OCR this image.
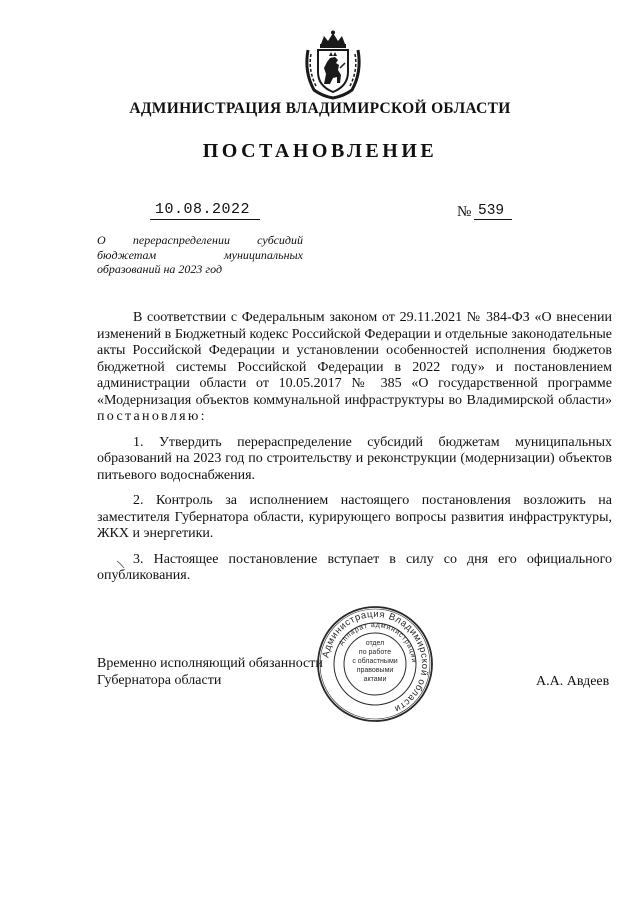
АДМИНИСТРАЦИЯ ВЛАДИМИРСКОЙ ОБЛАСТИ
ПОСТАНОВЛЕНИЕ
10.08.2022	№ 539
О перераспределении субсидий
бюджетам муниципальных
образований на 2023 год

В соответствии с Федеральным законом от 29.11.2021 № 384-ФЗ «О внесении изменений в Бюджетный кодекс Российской Федерации и отдельные законодательные акты Российской Федерации и установлении особенностей исполнения бюджетов бюджетной системы Российской Федерации в 2022 году» и постановлением администрации области от 10.05.2017 № 385 «О государственной программе «Модернизация объектов коммунальной инфраструктуры во Владимирской области» постановляю:

1. Утвердить перераспределение субсидий бюджетам муниципальных образований на 2023 год по строительству и реконструкции (модернизации) объектов питьевого водоснабжения.

2. Контроль за исполнением настоящего постановления возложить на заместителя Губернатора области, курирующего вопросы развития инфраструктуры, ЖКХ и энергетики.

3. Настоящее постановление вступает в силу со дня его официального опубликования.

Временно исполняющий обязанности
Губернатора области	А.А. Авдеев
Администрация Владимирской области
Аппарат администрации
отдел
по работе
с областными
правовыми
актами
